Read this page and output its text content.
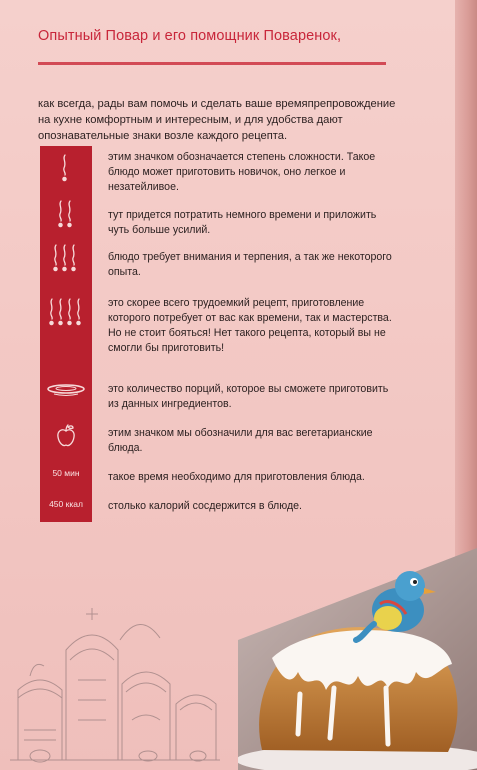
Опытный Повар и его помощник Поваренок,
как всегда, рады вам помочь и сделать ваше времяпрепровождение на кухне комфортным и интересным, и для удобства дают опознавательные знаки возле каждого рецепта.
50 мин
450 ккал
этим значком обозначается степень сложности. Такое блюдо может приготовить новичок, оно легкое и незатейливое.
тут придется потратить немного времени и приложить чуть больше усилий.
блюдо требует внимания и терпения, а так же некоторого опыта.
это скорее всего трудоемкий рецепт, приготовление которого потребует от вас как времени, так и мастерства. Но не стоит бояться! Нет такого рецепта, который вы не смогли бы приготовить!
это количество порций, которое вы сможете приготовить из данных ингредиентов.
этим значком мы обозначили для вас вегетарианские блюда.
такое время необходимо для приготовления блюда.
столько калорий сосдержится в блюде.
